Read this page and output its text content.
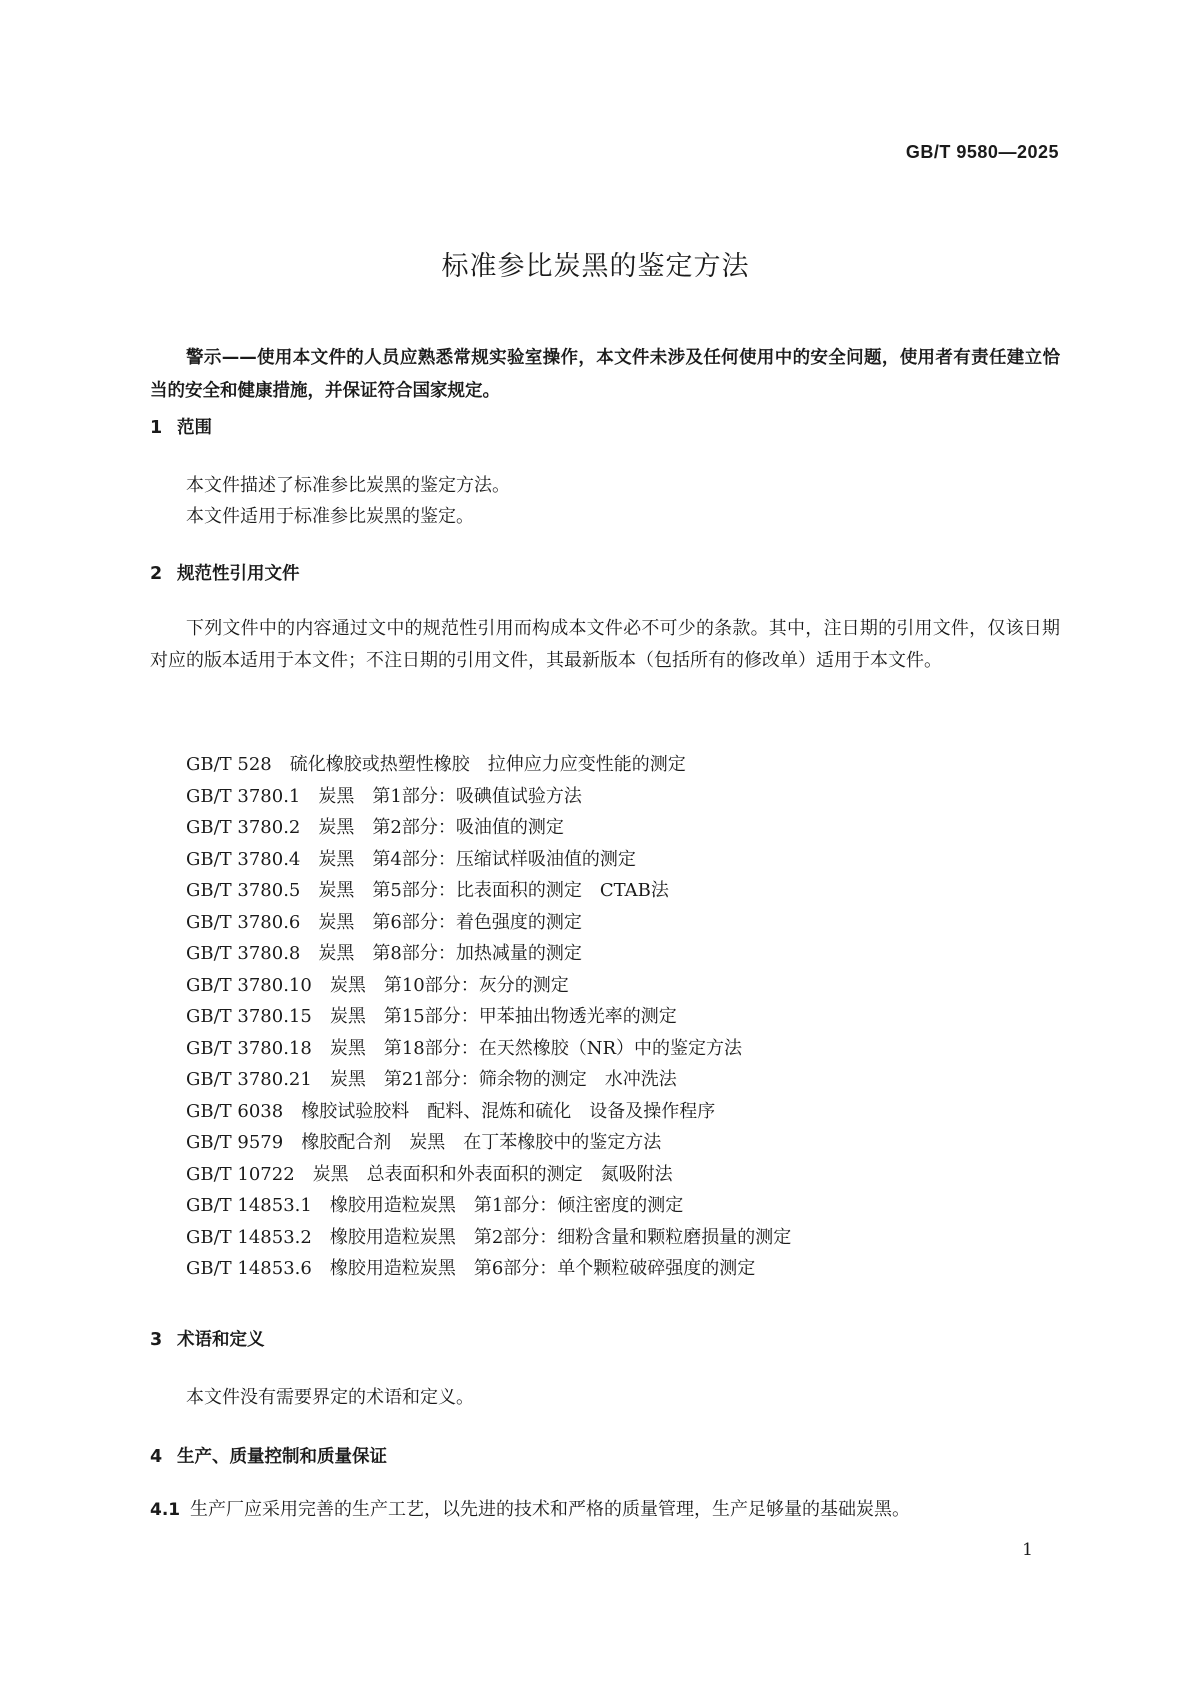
GB/T 9580—2025
标准参比炭黑的鉴定方法
警示——使用本文件的人员应熟悉常规实验室操作，本文件未涉及任何使用中的安全问题，使用者有责任建立恰当的安全和健康措施，并保证符合国家规定。
1 范围
本文件描述了标准参比炭黑的鉴定方法。
本文件适用于标准参比炭黑的鉴定。
2 规范性引用文件
下列文件中的内容通过文中的规范性引用而构成本文件必不可少的条款。其中，注日期的引用文件，仅该日期对应的版本适用于本文件；不注日期的引用文件，其最新版本（包括所有的修改单）适用于本文件。
GB/T 528 硫化橡胶或热塑性橡胶　拉伸应力应变性能的测定
GB/T 3780.1 炭黑　第1部分：吸碘值试验方法
GB/T 3780.2 炭黑　第2部分：吸油值的测定
GB/T 3780.4 炭黑　第4部分：压缩试样吸油值的测定
GB/T 3780.5 炭黑　第5部分：比表面积的测定　CTAB法
GB/T 3780.6 炭黑　第6部分：着色强度的测定
GB/T 3780.8 炭黑　第8部分：加热减量的测定
GB/T 3780.10 炭黑　第10部分：灰分的测定
GB/T 3780.15 炭黑　第15部分：甲苯抽出物透光率的测定
GB/T 3780.18 炭黑　第18部分：在天然橡胶（NR）中的鉴定方法
GB/T 3780.21 炭黑　第21部分：筛余物的测定　水冲洗法
GB/T 6038 橡胶试验胶料　配料、混炼和硫化　设备及操作程序
GB/T 9579 橡胶配合剂　炭黑　在丁苯橡胶中的鉴定方法
GB/T 10722 炭黑　总表面积和外表面积的测定　氮吸附法
GB/T 14853.1 橡胶用造粒炭黑　第1部分：倾注密度的测定
GB/T 14853.2 橡胶用造粒炭黑　第2部分：细粉含量和颗粒磨损量的测定
GB/T 14853.6 橡胶用造粒炭黑　第6部分：单个颗粒破碎强度的测定
3 术语和定义
本文件没有需要界定的术语和定义。
4 生产、质量控制和质量保证
4.1 生产厂应采用完善的生产工艺，以先进的技术和严格的质量管理，生产足够量的基础炭黑。
1
